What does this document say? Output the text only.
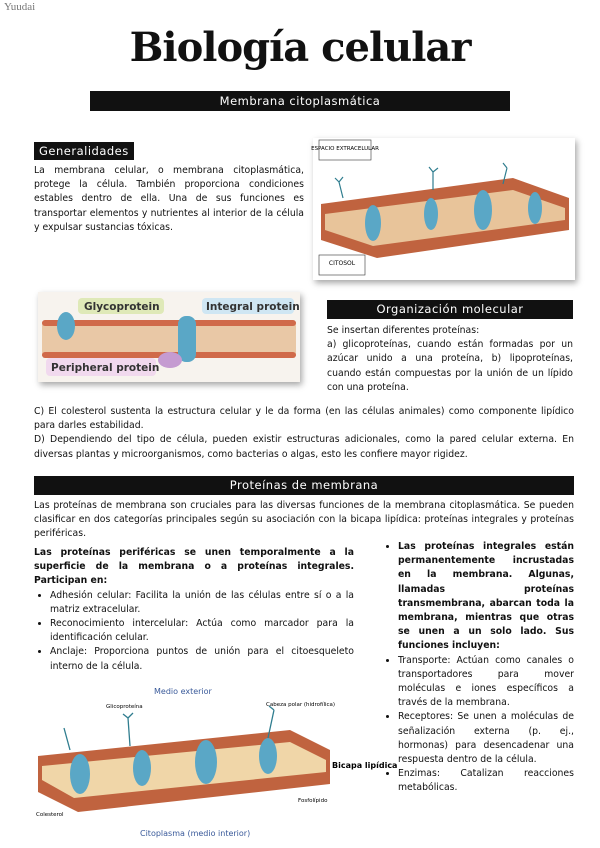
Yuudai
Biología celular
Membrana citoplasmática
Generalidades
La membrana celular, o membrana citoplasmática, protege la célula. También proporciona condiciones estables dentro de ella. Una de sus funciones es transportar elementos y nutrientes al interior de la célula y expulsar sustancias tóxicas.
ESPACIO EXTRACELULAR
CITOSOL
Glycoprotein	Integral protein
Peripheral protein
Organización molecular
Se insertan diferentes proteínas:
a) glicoproteínas, cuando están formadas por un azúcar unido a una proteína, b) lipoproteínas, cuando están compuestas por la unión de un lípido con una proteína.
C) El colesterol sustenta la estructura celular y le da forma (en las células animales) como componente lipídico para darles estabilidad.
D) Dependiendo del tipo de célula, pueden existir estructuras adicionales, como la pared celular externa. En diversas plantas y microorganismos, como bacterias o algas, esto les confiere mayor rigidez.
Proteínas de membrana
Las proteínas de membrana son cruciales para las diversas funciones de la membrana citoplasmática. Se pueden clasificar en dos categorías principales según su asociación con la bicapa lipídica: proteínas integrales y proteínas periféricas.
Las proteínas periféricas se unen temporalmente a la superficie de la membrana o a proteínas integrales. Participan en:
• Adhesión celular: Facilita la unión de las células entre sí o a la matriz extracelular.
• Reconocimiento intercelular: Actúa como marcador para la identificación celular.
• Anclaje: Proporciona puntos de unión para el citoesqueleto interno de la célula.
• Las proteínas integrales están permanentemente incrustadas en la membrana. Algunas, llamadas proteínas transmembrana, abarcan toda la membrana, mientras que otras se unen a un solo lado. Sus funciones incluyen:
• Transporte: Actúan como canales o transportadores para mover moléculas e iones específicos a través de la membrana.
• Receptores: Se unen a moléculas de señalización externa (p. ej., hormonas) para desencadenar una respuesta dentro de la célula.
• Enzimas: Catalizan reacciones metabólicas.
Medio exterior
Bicapa lipídica
Cabeza polar (hidrofílica)
Fosfolípido
Glicoproteína
Colesterol
Citoplasma (medio interior)
